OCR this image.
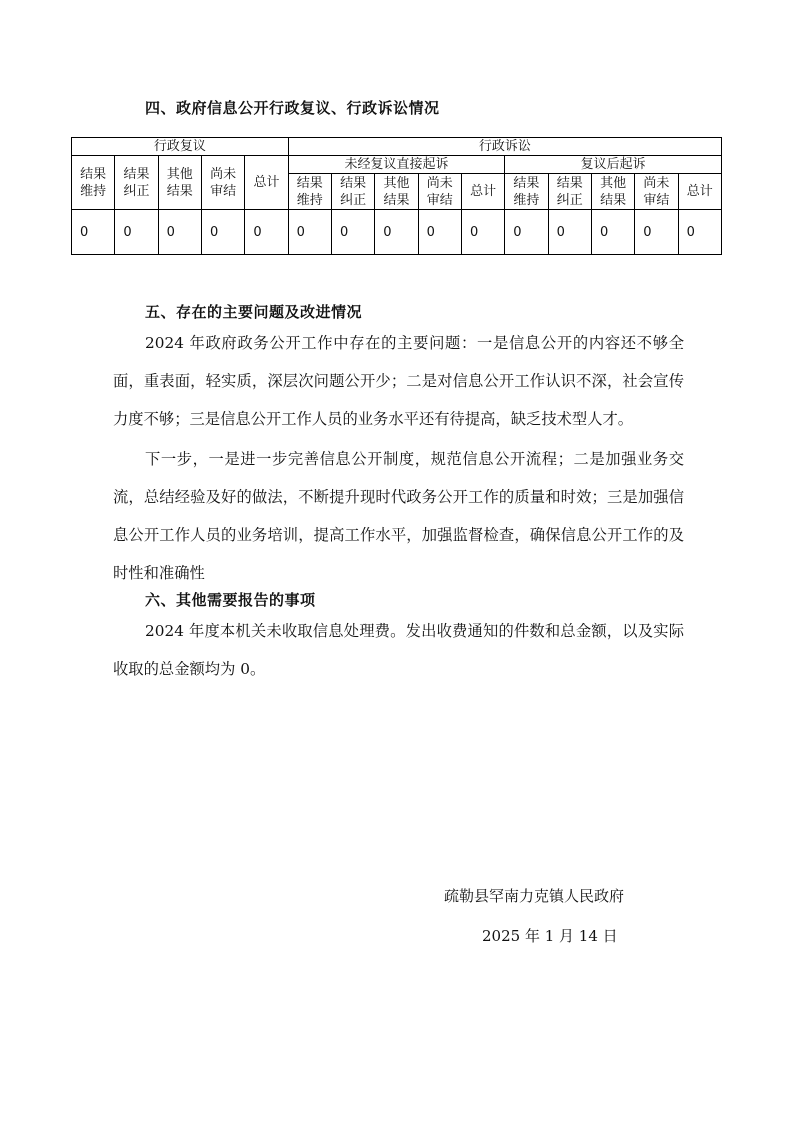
四、政府信息公开行政复议、行政诉讼情况
行政复议					行政诉讼									
结果维持	结果纠正	其他结果	尚未审结	总计	未经复议直接起诉					复议后起诉				
					结果维持	结果纠正	其他结果	尚未审结	总计	结果维持	结果纠正	其他结果	尚未审结	总计
0	0	0	0	0	0	0	0	0	0	0	0	0	0	0
五、存在的主要问题及改进情况

2024 年政府政务公开工作中存在的主要问题：一是信息公开的内容还不够全面，重表面，轻实质，深层次问题公开少；二是对信息公开工作认识不深，社会宣传力度不够；三是信息公开工作人员的业务水平还有待提高，缺乏技术型人才。

下一步，一是进一步完善信息公开制度，规范信息公开流程；二是加强业务交流，总结经验及好的做法，不断提升现时代政务公开工作的质量和时效；三是加强信息公开工作人员的业务培训，提高工作水平，加强监督检查，确保信息公开工作的及时性和准确性

六、其他需要报告的事项

2024 年度本机关未收取信息处理费。发出收费通知的件数和总金额，以及实际收取的总金额均为 0。

疏勒县罕南力克镇人民政府
2025 年 1 月 14 日
